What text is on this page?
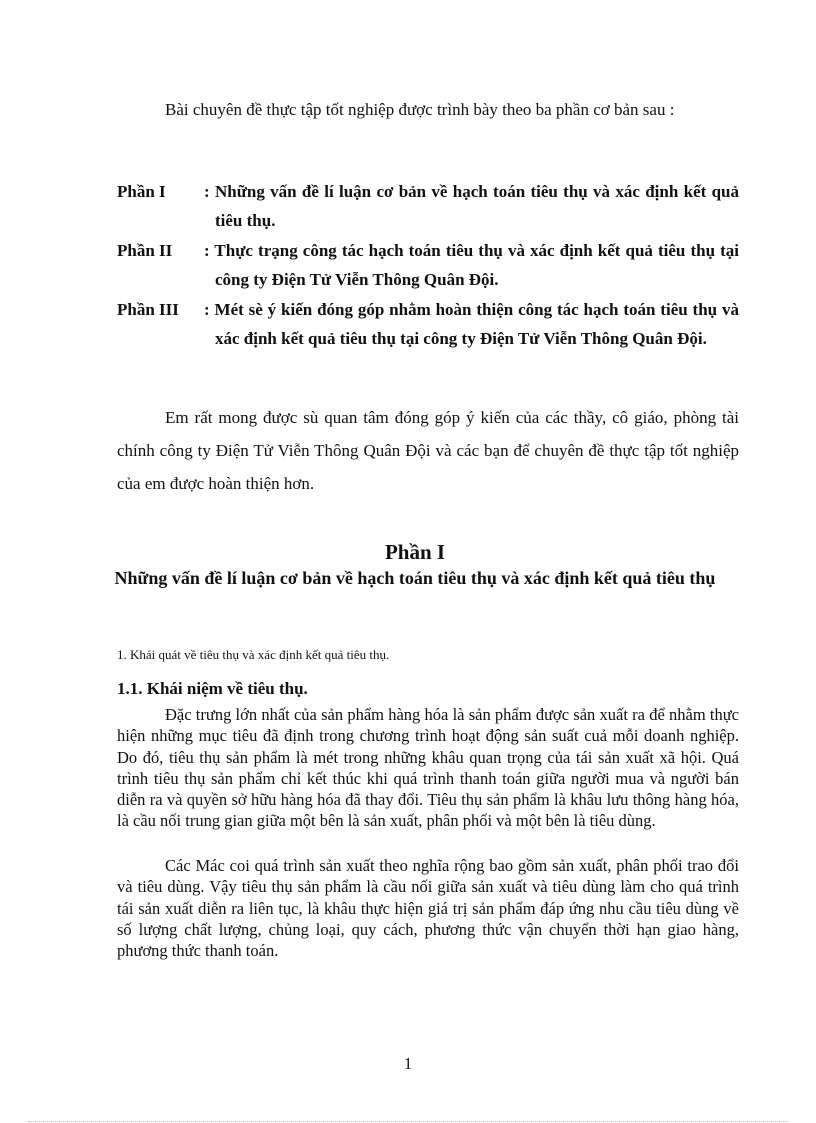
Bài chuyên đề thực tập tốt nghiệp được trình bày theo ba phần cơ bản sau :

Phần I	: Những vấn đề lí luận cơ bản về hạch toán tiêu thụ và xác định kết quả tiêu thụ.
Phần II	: Thực trạng công tác hạch toán tiêu thụ và xác định kết quả tiêu thụ tại công ty Điện Tử Viễn Thông Quân Đội.
Phần III	: Mét sè ý kiến đóng góp nhằm hoàn thiện công tác hạch toán tiêu thụ và xác định kết quả tiêu thụ tại công ty Điện Tử Viễn Thông Quân Đội.

Em rất mong được sù quan tâm đóng góp ý kiến của các thầy, cô giáo, phòng tài chính công ty Điện Tử Viễn Thông Quân Đội và các bạn để chuyên đề thực tập tốt nghiệp của em được hoàn thiện hơn.

Phần I
Những vấn đề lí luận cơ bản về hạch toán tiêu thụ và xác định kết quả tiêu thụ
1. Khái quát về tiêu thụ và xác định kết quả tiêu thụ.
1.1. Khái niệm về tiêu thụ.

Đặc trưng lớn nhất của sản phẩm hàng hóa là sản phẩm được sản xuất ra để nhằm thực hiện những mục tiêu đã định trong chương trình hoạt động sản suất cuả mỗi doanh nghiệp. Do đó, tiêu thụ sản phẩm là mét trong những khâu quan trọng của tái sản xuất xã hội. Quá trình tiêu thụ sản phẩm chỉ kết thúc khi quá trình thanh toán giữa người mua và người bán diễn ra và quyền sở hữu hàng hóa đã thay đổi. Tiêu thụ sản phẩm là khâu lưu thông hàng hóa, là cầu nối trung gian giữa một bên là sản xuất, phân phối và một bên là tiêu dùng.

Các Mác coi quá trình sản xuất theo nghĩa rộng bao gồm sản xuất, phân phối trao đổi và tiêu dùng. Vậy tiêu thụ sản phẩm là cầu nối giữa sản xuất và tiêu dùng làm cho quá trình tái sản xuất diễn ra liên tục, là khâu thực hiện giá trị sản phẩm đáp ứng nhu cầu tiêu dùng về số lượng chất lượng, chủng loại, quy cách, phương thức vận chuyển thời hạn giao hàng, phương thức thanh toán.

1
